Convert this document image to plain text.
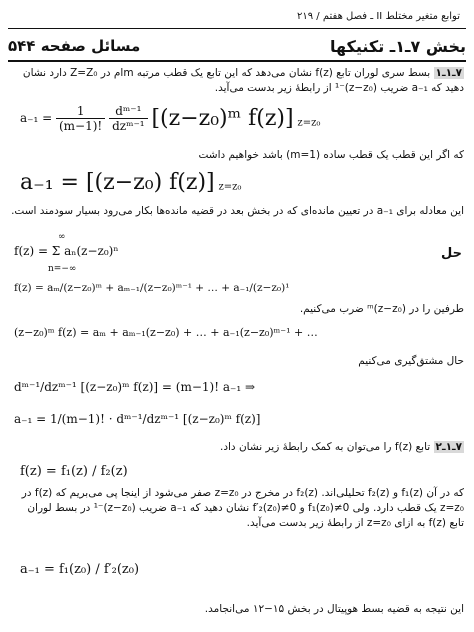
توابع متغیر مختلط II ـ فصل هفتم / ۲۱۹
مسائل صفحه ۵۴۴	بخش ۷ـ۱ـ تکنیکها
۷ـ۱ـ۱ بسط سری لوران تابع f(z) نشان می‌دهد که این تابع یک قطب مرتبه mام در Z=Z₀ دارد نشان دهید که a₋₁ ضریب (z−z₀)⁻¹ از رابطهٔ زیر بدست می‌آید.
$a_{-1} = \frac{1}{(m-1)!}$
$\frac{\text{dᵐ⁻¹}}{\text{dzᵐ⁻¹}}$ [(z−z₀)ᵐ f(z)] $_{z=z_0}$
که اگر این قطب یک قطب ساده (m=1) باشد خواهیم داشت
a₋₁ = [(z−z₀) f(z)] $_{z=z_0}$
این معادله برای a₋₁ در تعیین مانده‌ای که در بخش بعد در قضیه مانده‌ها بکار می‌رود بسیار سودمند است.
f(z) = Σ aₙ(z−z₀)ⁿ
∞
n=−∞
f(z) = aₘ/(z−z₀)ᵐ + aₘ₋₁/(z−z₀)ᵐ⁻¹ + … + a₋₁/(z−z₀)¹
حل
طرفین را در (z−z₀)ᵐ ضرب می‌کنیم.
(z−z₀)ᵐ f(z) = aₘ + aₘ₋₁(z−z₀) + … + a₋₁(z−z₀)ᵐ⁻¹ + …
حال مشتق‌گیری می‌کنیم
dᵐ⁻¹/dzᵐ⁻¹ [(z−z₀)ᵐ f(z)] = (m−1)! a₋₁ ⇒
a₋₁ = 1/(m−1)! · dᵐ⁻¹/dzᵐ⁻¹ [(z−z₀)ᵐ f(z)]
۷ـ۱ـ۲ تابع f(z) را می‌توان به کمک رابطهٔ زیر نشان داد.
f(z) = f₁(z) / f₂(z)
که در آن f₁(z) و f₂(z) تحلیلی‌اند. f₂(z) در مخرج در z=z₀ صفر می‌شود از اینجا پی می‌بریم که f(z) در z=z₀ یک قطب دارد. ولی f₁(z₀)≠0 و f′₂(z₀)≠0 نشان دهید که a₋₁ ضریب (z−z₀)⁻¹ در بسط لوران تابع f(z) به ازای z=z₀ از رابطهٔ زیر بدست می‌آید.
a₋₁ = f₁(z₀) / f′₂(z₀)
این نتیجه به قضیه بسط هوپیتال در بخش ۱۵−۱۲ می‌انجامد.
